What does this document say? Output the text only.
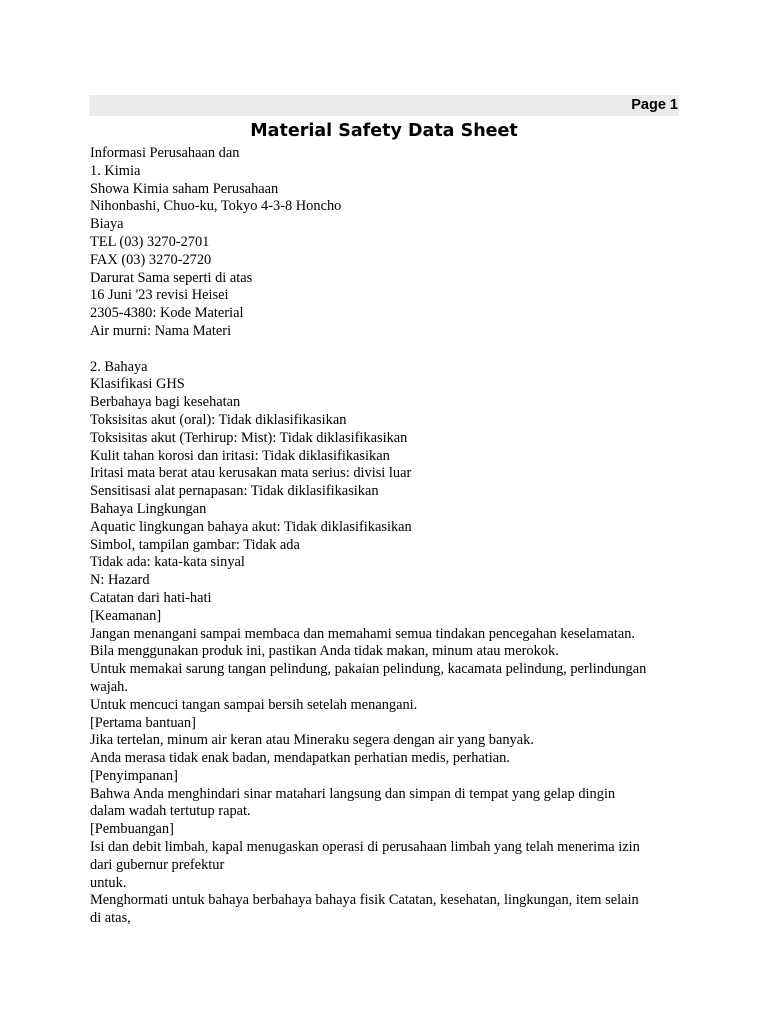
Page 1
Material Safety Data Sheet

Informasi Perusahaan dan

1. Kimia

Showa Kimia saham Perusahaan

Nihonbashi, Chuo-ku, Tokyo 4-3-8 Honcho

Biaya

TEL (03) 3270-2701

FAX (03) 3270-2720

Darurat Sama seperti di atas

16 Juni '23 revisi Heisei

2305-4380: Kode Material

Air murni: Nama Materi

2. Bahaya

Klasifikasi GHS

Berbahaya bagi kesehatan

Toksisitas akut (oral): Tidak diklasifikasikan

Toksisitas akut (Terhirup: Mist): Tidak diklasifikasikan

Kulit tahan korosi dan iritasi: Tidak diklasifikasikan

Iritasi mata berat atau kerusakan mata serius: divisi luar

Sensitisasi alat pernapasan: Tidak diklasifikasikan

Bahaya Lingkungan

Aquatic lingkungan bahaya akut: Tidak diklasifikasikan

Simbol, tampilan gambar: Tidak ada

Tidak ada: kata-kata sinyal

N: Hazard

Catatan dari hati-hati

[Keamanan]

Jangan menangani sampai membaca dan memahami semua tindakan pencegahan keselamatan.

Bila menggunakan produk ini, pastikan Anda tidak makan, minum atau merokok.

Untuk memakai sarung tangan pelindung, pakaian pelindung, kacamata pelindung, perlindungan

wajah.

Untuk mencuci tangan sampai bersih setelah menangani.

[Pertama bantuan]

Jika tertelan, minum air keran atau Mineraku segera dengan air yang banyak.

Anda merasa tidak enak badan, mendapatkan perhatian medis, perhatian.

[Penyimpanan]

Bahwa Anda menghindari sinar matahari langsung dan simpan di tempat yang gelap dingin

dalam wadah tertutup rapat.

[Pembuangan]

Isi dan debit limbah, kapal menugaskan operasi di perusahaan limbah yang telah menerima izin

dari gubernur prefektur

untuk.

Menghormati untuk bahaya berbahaya bahaya fisik Catatan, kesehatan, lingkungan, item selain

di atas,
